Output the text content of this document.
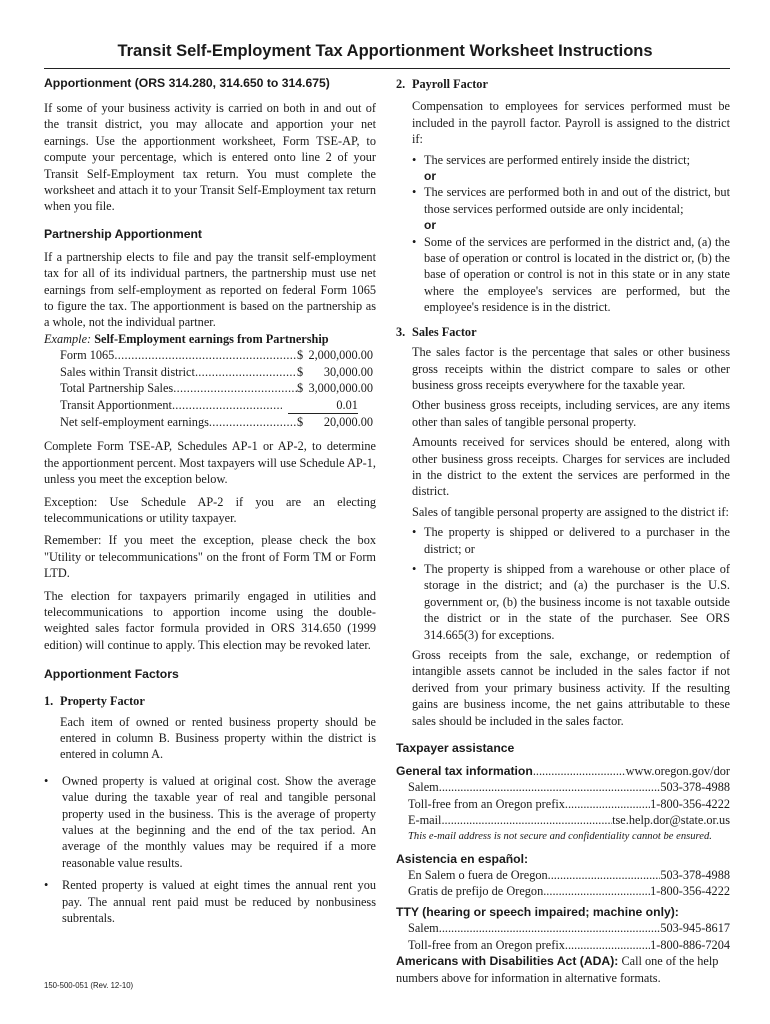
Transit Self-Employment Tax Apportionment Worksheet Instructions
Apportionment (ORS 314.280, 314.650 to 314.675)

If some of your business activity is carried on both in and out of the transit district, you may allocate and apportion your net earnings. Use the apportionment worksheet, Form TSE-AP, to compute your percentage, which is entered onto line 2 of your Transit Self-Employment tax return. You must complete the worksheet and attach it to your Transit Self-Employment tax return when you file.

Partnership Apportionment

If a partnership elects to file and pay the transit self-employment tax for all of its individual partners, the partnership must use net earnings from self-employment as reported on federal Form 1065 to figure the tax. The apportionment is based on the partnership as a whole, not the individual partner.

Example: Self-Employment earnings from Partnership
Form 1065 .....	$ 2,000,000.00
Sales within Transit district .....	$	30,000.00
Total Partnership Sales .....	$ 3,000,000.00
Transit Apportionment .....	0.01
Net self-employment earnings .....	$	20,000.00

Complete Form TSE-AP, Schedules AP-1 or AP-2, to determine the apportionment percent. Most taxpayers will use Schedule AP-1, unless you meet the exception below.

Exception: Use Schedule AP-2 if you are an electing telecommunications or utility taxpayer.

Remember: If you meet the exception, please check the box "Utility or telecommunications" on the front of Form TM or Form LTD.

The election for taxpayers primarily engaged in utilities and telecommunications to apportion income using the double-weighted sales factor formula provided in ORS 314.650 (1999 edition) will continue to apply. This election may be revoked later.

Apportionment Factors
1. Property Factor

Each item of owned or rented business property should be entered in column B. Business property within the district is entered in column A.

• Owned property is valued at original cost. Show the average value during the taxable year of real and tangible personal property used in the business. This is the average of property values at the beginning and the end of the tax period. An average of the monthly values may be required if a more reasonable value results.
• Rented property is valued at eight times the annual rent you pay. The annual rent paid must be reduced by nonbusiness subrentals.
150-500-051 (Rev. 12-10)
2. Payroll Factor

Compensation to employees for services performed must be included in the payroll factor. Payroll is assigned to the district if:

• The services are performed entirely inside the district;
or
• The services are performed both in and out of the district, but those services performed outside are only incidental;
or
• Some of the services are performed in the district and, (a) the base of operation or control is located in the district or, (b) the base of operation or control is not in this state or in any state where the employee's services are performed, but the employee's residence is in the district.
3. Sales Factor

The sales factor is the percentage that sales or other business gross receipts within the district compare to sales or other business gross receipts everywhere for the taxable year.

Other business gross receipts, including services, are any items other than sales of tangible personal property.

Amounts received for services should be entered, along with other business gross receipts. Charges for services are included in the district to the extent the services are performed in the district.

Sales of tangible personal property are assigned to the district if:

• The property is shipped or delivered to a purchaser in the district; or
• The property is shipped from a warehouse or other place of storage in the district; and (a) the purchaser is the U.S. government or, (b) the business income is not taxable outside the district or in the state of the purchaser. See ORS 314.665(3) for exceptions.

Gross receipts from the sale, exchange, or redemption of intangible assets cannot be included in the sales factor if not derived from your primary business activity. If the resulting gains are business income, the net gains attributable to these sales should be included in the sales factor.

Taxpayer assistance
General tax information .....	www.oregon.gov/dor
Salem .....	503-378-4988
Toll-free from an Oregon prefix .....	1-800-356-4222
E-mail .....	tse.help.dor@state.or.us
This e-mail address is not secure and confidentiality cannot be ensured.
Asistencia en español:
En Salem o fuera de Oregon .....	503-378-4988
Gratis de prefijo de Oregon .....	1-800-356-4222
TTY (hearing or speech impaired; machine only):
Salem .....	503-945-8617
Toll-free from an Oregon prefix .....	1-800-886-7204

Americans with Disabilities Act (ADA): Call one of the help numbers above for information in alternative formats.
